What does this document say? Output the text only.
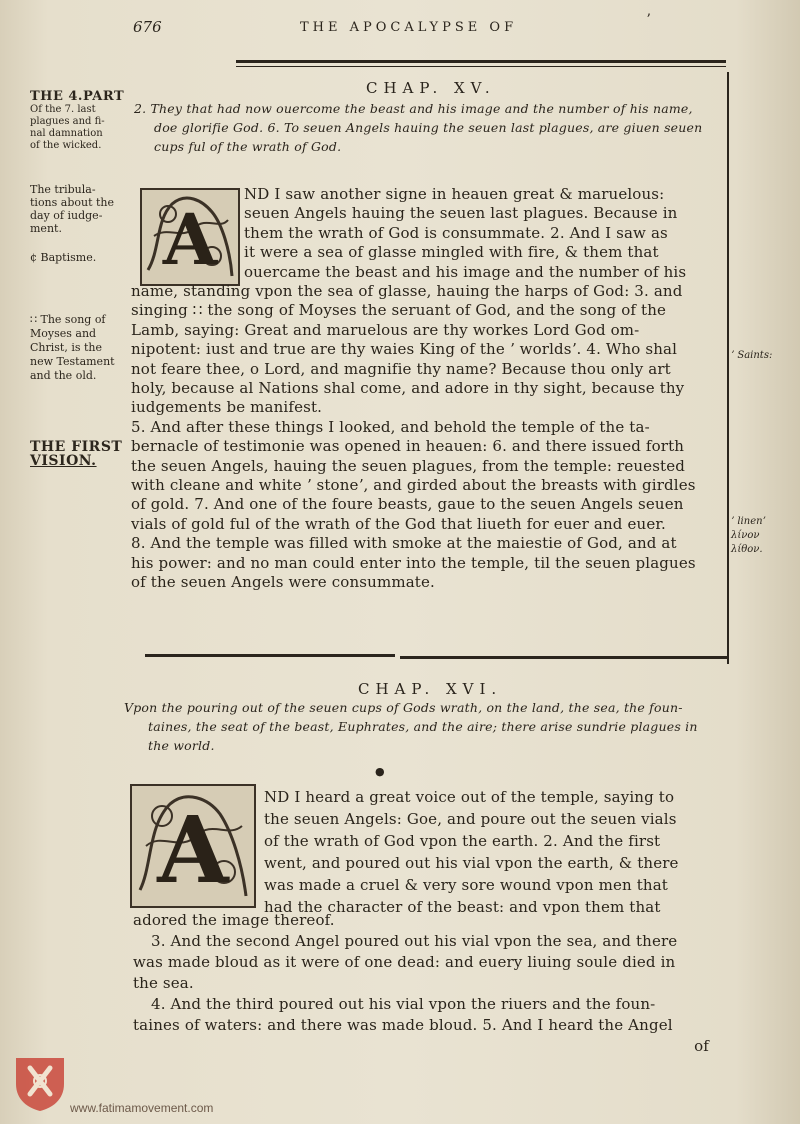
676	THE APOCALYPSE OF	ʼ
THE 4.PART
Of the 7. last
plagues and fi-
nal damnation
of the wicked.
The tribula-
tions about the
day of iudge-
ment.
¢ Baptisme.
∷ The song of
Moyses and
Christ, is the
new Testament
and the old.
THE FIRST
VISION.
CHAP. XV.
2. They that had now ouercome the beast and his image and the number of his name,
doe glorifie God. 6. To seuen Angels hauing the seuen last plagues, are giuen seuen
cups ful of the wrath of God.
A
ND I saw another signe in heauen great & maruelous:
seuen Angels hauing the seuen last plagues. Because in
them the wrath of God is consummate. 2. And I saw as
it were a sea of glasse mingled with fire, & them that
ouercame the beast and his image and the number of his
name, standing vpon the sea of glasse, hauing the harps of God: 3. and
singing ∷ the song of Moyses the seruant of God, and the song of the
Lamb, saying: Great and maruelous are thy workes Lord God om-
nipotent: iust and true are thy waies King of the ʼ worldsʼ. 4. Who shal
not feare thee, o Lord, and magnifie thy name? Because thou only art
holy, because al Nations shal come, and adore in thy sight, because thy
iudgements be manifest.
5. And after these things I looked, and behold the temple of the ta-
bernacle of testimonie was opened in heauen: 6. and there issued forth
the seuen Angels, hauing the seuen plagues, from the temple: reuested
with cleane and white ʼ stoneʼ, and girded about the breasts with girdles
of gold. 7. And one of the foure beasts, gaue to the seuen Angels seuen
vials of gold ful of the wrath of the God that liueth for euer and euer.
8. And the temple was filled with smoke at the maiestie of God, and at
his power: and no man could enter into the temple, til the seuen plagues
of the seuen Angels were consummate.
ʼ Saints:
ʼ linenʼ
λίνον
λίθον.
CHAP. XVI.
Vpon the pouring out of the seuen cups of Gods wrath, on the land, the sea, the foun-
taines, the seat of the beast, Euphrates, and the aire; there arise sundrie plagues in
the world.
●
A ND I heard a great voice out of the temple, saying to
the seuen Angels: Goe, and poure out the seuen vials
of the wrath of God vpon the earth. 2. And the first
went, and poured out his vial vpon the earth, & there
was made a cruel & very sore wound vpon men that
had the character of the beast: and vpon them that
adored the image thereof.
3. And the second Angel poured out his vial vpon the sea, and there
was made bloud as it were of one dead: and euery liuing soule died in
the sea.
4. And the third poured out his vial vpon the riuers and the foun-
taines of waters: and there was made bloud. 5. And I heard the Angel
of
www.fatimamovement.com
